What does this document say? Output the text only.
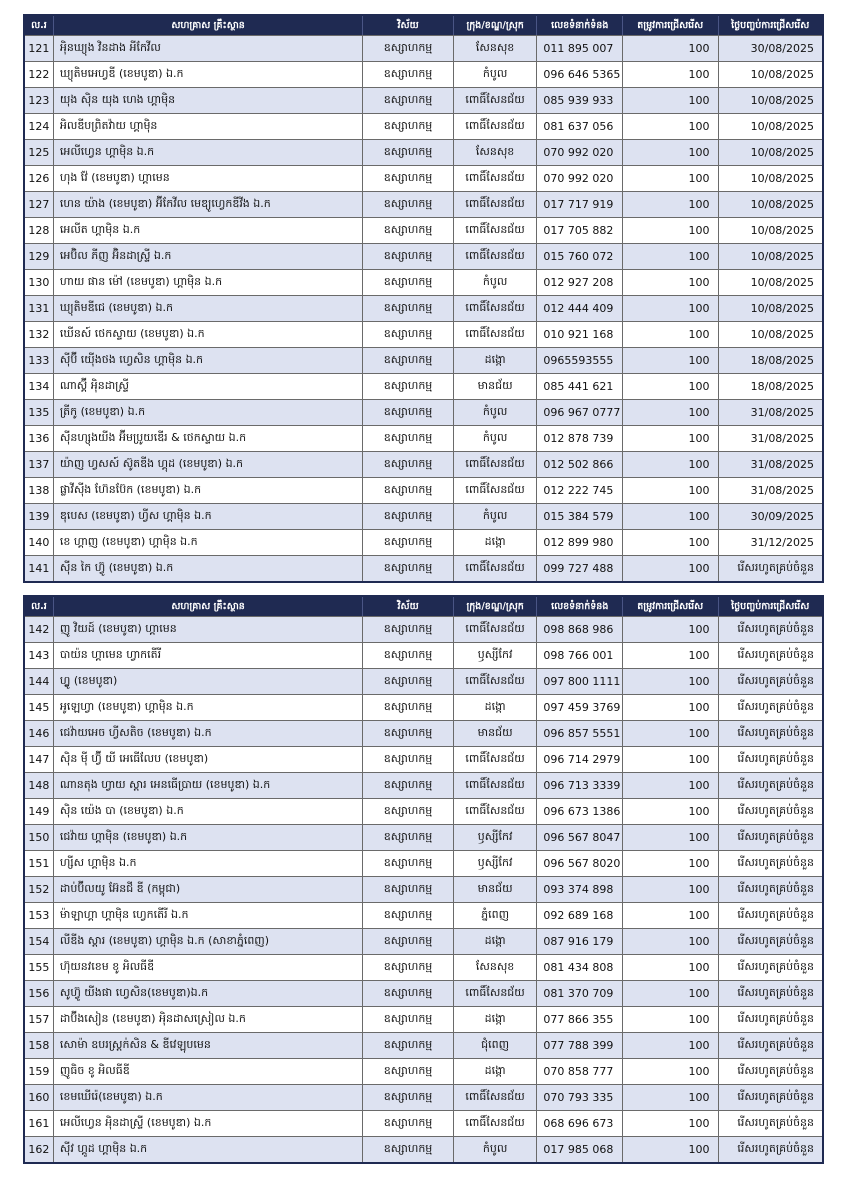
ល.រ	សហគ្រាស គ្រឹះស្ថាន	វិស័យ	ក្រុង/ខណ្ឌ/ស្រុក	លេខទំនាក់ទំនង	តម្រូវការជ្រើសរើស	ថ្ងៃបញ្ចប់ការជ្រើសរើស
121 អុិនឃ្យុង វិនដាង អីកែវីល	ឧស្សាហកម្ម	សែនសុខ	011 895 007	100	30/08/2025
122 ឃ្យុតិមអេហ្វឌី (ខេមបូឌា) ឯ.ក	ឧស្សាហកម្ម	កំបូល	096 646 5365	100	10/08/2025
123 យុង ស៊ិន យុង ហេង ហ្គាម៉ិន	ឧស្សាហកម្ម	ពោធិ៍សែនជ័យ	085 939 933	100	10/08/2025
124 អិលឌីបព្រិតវ៉ាយ ហ្គាម៉ិន	ឧស្សាហកម្ម	ពោធិ៍សែនជ័យ	081 637 056	100	10/08/2025
125 អេលីហ្វេន ហ្គាម៉ិន ឯ.ក	ឧស្សាហកម្ម	សែនសុខ	070 992 020	100	10/08/2025
126 ហុង វ៉ែ (ខេមបូឌា) ហ្គាមេន	ឧស្សាហកម្ម	ពោធិ៍សែនជ័យ	070 992 020	100	10/08/2025
127 ហេន យ៉ាង (ខេមបូឌា) អ៊ីកែវីល មេឌ្យូហ្វេកឌីវីង ឯ.ក	ឧស្សាហកម្ម	ពោធិ៍សែនជ័យ	017 717 919	100	10/08/2025
128 អេលីត ហ្គាម៉ិន ឯ.ក	ឧស្សាហកម្ម	ពោធិ៍សែនជ័យ	017 705 882	100	10/08/2025
129 អេប៊ិល ភីញ អ៊ិនដាស្ទ្រី ឯ.ក	ឧស្សាហកម្ម	ពោធិ៍សែនជ័យ	015 760 072	100	10/08/2025
130 ហាយ ផាន ម៉ៅ (ខេមបូឌា) ហ្គាម៉ិន ឯ.ក	ឧស្សាហកម្ម	កំបូល	012 927 208	100	10/08/2025
131 ឃ្យុតិមឌីជេ (ខេមបូឌា) ឯ.ក	ឧស្សាហកម្ម	ពោធិ៍សែនជ័យ	012 444 409	100	10/08/2025
132 ឃើនស៍ ថេកស្ទាយ (ខេមបូឌា) ឯ.ក	ឧស្សាហកម្ម	ពោធិ៍សែនជ័យ	010 921 168	100	10/08/2025
133 ស៊ីប៊ី យ៉ើងថង ហ្វេសិន ហ្គាម៉ិន ឯ.ក	ឧស្សាហកម្ម	ដង្កោ	0965593555	100	18/08/2025
134 ណាស្គ៊ី អុិនដាស្ទ្រី	ឧស្សាហកម្ម	មានជ័យ	085 441 621	100	18/08/2025
135 ត្រីកូ (ខេមបូឌា) ឯ.ក	ឧស្សាហកម្ម	កំបូល	096 967 0777	100	31/08/2025
136 ស៊ីនហ្សុងយីង អ៊ីមប្រូយឌើរ & ថេកស្ទាយ ឯ.ក	ឧស្សាហកម្ម	កំបូល	012 878 739	100	31/08/2025
137 យ៉ាញ ហ្វសស៍ ស៊ូតឌីង ហ្គុដ (ខេមបូឌា) ឯ.ក	ឧស្សាហកម្ម	ពោធិ៍សែនជ័យ	012 502 866	100	31/08/2025
138 ផ្លាវីស៊ីង ហ៊ែនប៊ែក (ខេមបូឌា) ឯ.ក	ឧស្សាហកម្ម	ពោធិ៍សែនជ័យ	012 222 745	100	31/08/2025
139 ឌុបេស (ខេមបូឌា) ហ្វីស ហ្គាម៉ិន ឯ.ក	ឧស្សាហកម្ម	កំបូល	015 384 579	100	30/09/2025
140 ខេ ហ្គាញ (ខេមបូឌា) ហ្គាម៉ិន ឯ.ក	ឧស្សាហកម្ម	ដង្កោ	012 899 980	100	31/12/2025
141 ស៊ីន កៃ ហ៊្វូ (ខេមបូឌា) ឯ.ក	ឧស្សាហកម្ម	ពោធិ៍សែនជ័យ	099 727 488	100	រើសរហូតគ្រប់ចំនួន
ល.រ	សហគ្រាស គ្រឹះស្ថាន	វិស័យ	ក្រុង/ខណ្ឌ/ស្រុក	លេខទំនាក់ទំនង	តម្រូវការជ្រើសរើស	ថ្ងៃបញ្ចប់ការជ្រើសរើស
142 ញូ វិយដ៍ (ខេមបូឌា) ហ្គាមេន	ឧស្សាហកម្ម	ពោធិ៍សែនជ័យ	098 868 986	100	រើសរហូតគ្រប់ចំនួន
143 បាយ៉ន ហ្គាមេន ហ្វាកតើរី	ឧស្សាហកម្ម	ឫស្សីកែវ	098 766 001	100	រើសរហូតគ្រប់ចំនួន
144 ហ្វ្លូ (ខេមបូឌា)	ឧស្សាហកម្ម	ពោធិ៍សែនជ័យ	097 800 1111	100	រើសរហូតគ្រប់ចំនួន
145 អូឡេហ្វា (ខេមបូឌា) ហ្គាម៉ិន ឯ.ក	ឧស្សាហកម្ម	ដង្កោ	097 459 3769	100	រើសរហូតគ្រប់ចំនួន
146 ជេវ៉ាយអេច ហ្វីសតិច (ខេមបូឌា) ឯ.ក	ឧស្សាហកម្ម	មានជ័យ	096 857 5551	100	រើសរហូតគ្រប់ចំនួន
147 ស៊ិន ម៉ី ហ្វ៊ី យី អេធើលែប (ខេមបូឌា)	ឧស្សាហកម្ម	ពោធិ៍សែនជ័យ	096 714 2979	100	រើសរហូតគ្រប់ចំនួន
148 ណានតុង ហ្វាយ ស្តារ អេនធើប្រាយ (ខេមបូឌា) ឯ.ក	ឧស្សាហកម្ម	ពោធិ៍សែនជ័យ	096 713 3339	100	រើសរហូតគ្រប់ចំនួន
149 ស៊ិន យ៉េង បា (ខេមបូឌា) ឯ.ក	ឧស្សាហកម្ម	ពោធិ៍សែនជ័យ	096 673 1386	100	រើសរហូតគ្រប់ចំនួន
150 ជេវ៉ាយ ហ្គាម៉ិន (ខេមបូឌា) ឯ.ក	ឧស្សាហកម្ម	ឫស្សីកែវ	096 567 8047	100	រើសរហូតគ្រប់ចំនួន
151 ហ្សីស ហ្គាម៉ិន ឯ.ក	ឧស្សាហកម្ម	ឫស្សីកែវ	096 567 8020	100	រើសរហូតគ្រប់ចំនួន
152 ដាប់ប៊ីលយូ អ៊ែនជី ឌី (កម្ពុជា)	ឧស្សាហកម្ម	មានជ័យ	093 374 898	100	រើសរហូតគ្រប់ចំនួន
153 ម៉ាឡាហ្គា ហ្គាម៉ិន ហ្វេកតើរី ឯ.ក	ឧស្សាហកម្ម	ភ្នំពេញ	092 689 168	100	រើសរហូតគ្រប់ចំនួន
154 លីឌីង ស្តារ (ខេមបូឌា) ហ្គាម៉ិន ឯ.ក (សាខាភ្នំពេញ)	ឧស្សាហកម្ម	ដង្កោ	087 916 179	100	រើសរហូតគ្រប់ចំនួន
155 ហ៊ុយនវខេម ខូ អិលធីឌី	ឧស្សាហកម្ម	សែនសុខ	081 434 808	100	រើសរហូតគ្រប់ចំនួន
156 សូហ៊្វូ យីងផា ហ្វេសិន(ខេមបូឌា)ឯ.ក	ឧស្សាហកម្ម	ពោធិ៍សែនជ័យ	081 370 709	100	រើសរហូតគ្រប់ចំនួន
157 ដាប៊ីងសៀន (ខេមបូឌា) អុិនដាសស្រៀល ឯ.ក	ឧស្សាហកម្ម	ដង្កោ	077 866 355	100	រើសរហូតគ្រប់ចំនួន
158 សោម៉ា ឧបរស្ត្រក់សិន & ឌីវេឡុបមេន	ឧស្សាហកម្ម	ជុំពេញ	077 788 399	100	រើសរហូតគ្រប់ចំនួន
159 ញូធិច ខូ អិលធីឌី	ឧស្សាហកម្ម	ដង្កោ	070 858 777	100	រើសរហូតគ្រប់ចំនួន
160 ខេមឃើរ៉េ(ខេមបូឌា) ឯ.ក	ឧស្សាហកម្ម	ពោធិ៍សែនជ័យ	070 793 335	100	រើសរហូតគ្រប់ចំនួន
161 អេលីហ្វេន អុិនដាស្ទ្រី (ខេមបូឌា) ឯ.ក	ឧស្សាហកម្ម	ពោធិ៍សែនជ័យ	068 696 673	100	រើសរហូតគ្រប់ចំនួន
162 ស៊ីវ ហ្គូដ ហ្គាម៉ិន ឯ.ក	ឧស្សាហកម្ម	កំបូល	017 985 068	100	រើសរហូតគ្រប់ចំនួន
